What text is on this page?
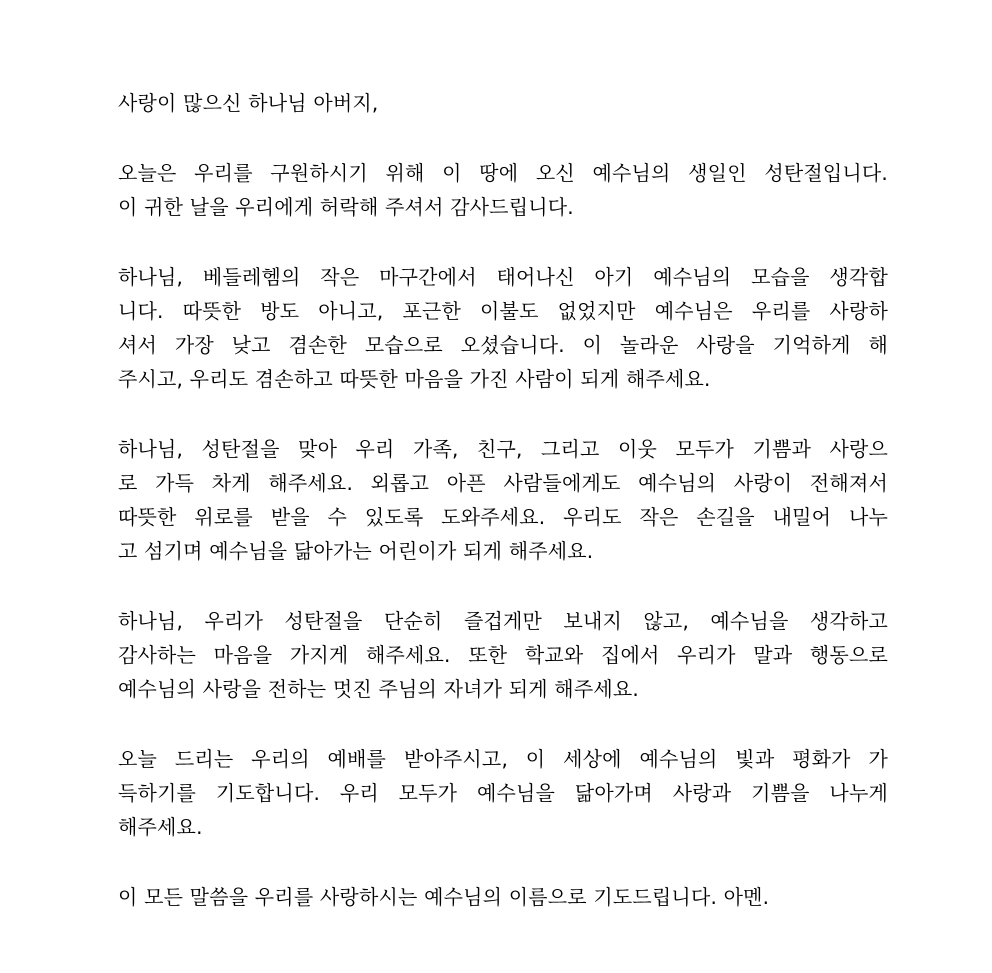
사랑이 많으신 하나님 아버지,
오늘은 우리를 구원하시기 위해 이 땅에 오신 예수님의 생일인 성탄절입니다.
이 귀한 날을 우리에게 허락해 주셔서 감사드립니다.
하나님, 베들레헴의 작은 마구간에서 태어나신 아기 예수님의 모습을 생각합
니다. 따뜻한 방도 아니고, 포근한 이불도 없었지만 예수님은 우리를 사랑하
셔서 가장 낮고 겸손한 모습으로 오셨습니다. 이 놀라운 사랑을 기억하게 해
주시고, 우리도 겸손하고 따뜻한 마음을 가진 사람이 되게 해주세요.
하나님, 성탄절을 맞아 우리 가족, 친구, 그리고 이웃 모두가 기쁨과 사랑으
로 가득 차게 해주세요. 외롭고 아픈 사람들에게도 예수님의 사랑이 전해져서
따뜻한 위로를 받을 수 있도록 도와주세요. 우리도 작은 손길을 내밀어 나누
고 섬기며 예수님을 닮아가는 어린이가 되게 해주세요.
하나님, 우리가 성탄절을 단순히 즐겁게만 보내지 않고, 예수님을 생각하고
감사하는 마음을 가지게 해주세요. 또한 학교와 집에서 우리가 말과 행동으로
예수님의 사랑을 전하는 멋진 주님의 자녀가 되게 해주세요.
오늘 드리는 우리의 예배를 받아주시고, 이 세상에 예수님의 빛과 평화가 가
득하기를 기도합니다. 우리 모두가 예수님을 닮아가며 사랑과 기쁨을 나누게
해주세요.
이 모든 말씀을 우리를 사랑하시는 예수님의 이름으로 기도드립니다. 아멘.
